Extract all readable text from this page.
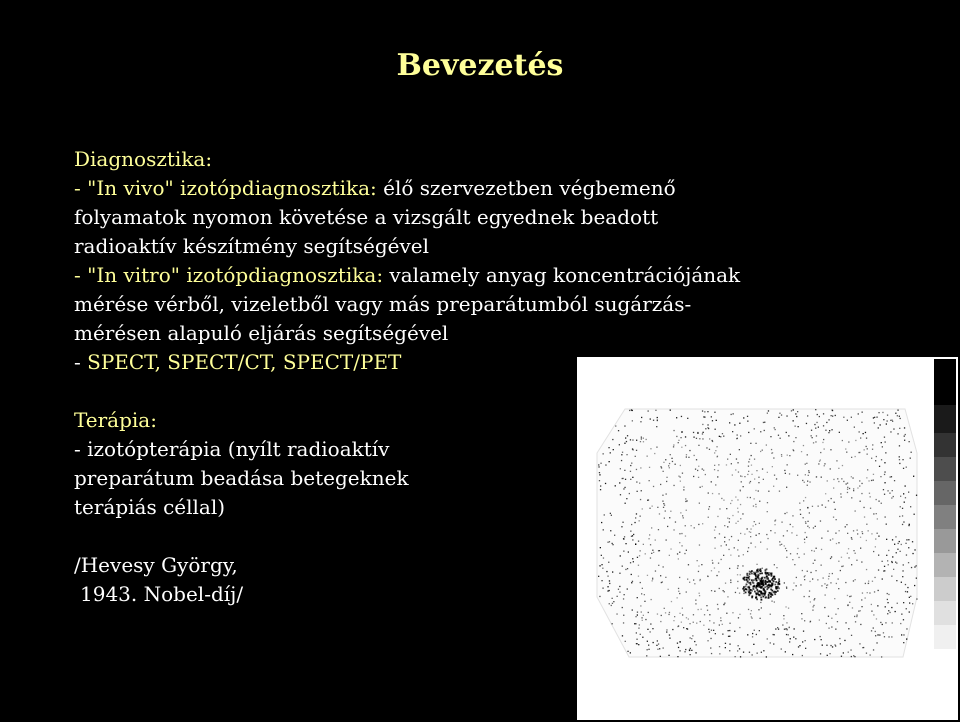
Bevezetés
Diagnosztika:
- "In vivo" izotópdiagnosztika: élő szervezetben végbemenő
folyamatok nyomon követése a vizsgált egyednek beadott
radioaktív készítmény segítségével
- "In vitro" izotópdiagnosztika: valamely anyag koncentrációjának
mérése vérből, vizeletből vagy más preparátumból sugárzás-
mérésen alapuló eljárás segítségével
- SPECT, SPECT/CT, SPECT/PET
Terápia:
- izotópterápia (nyílt radioaktív
preparátum beadása betegeknek
terápiás céllal)
/Hevesy György,
1943. Nobel-díj/
